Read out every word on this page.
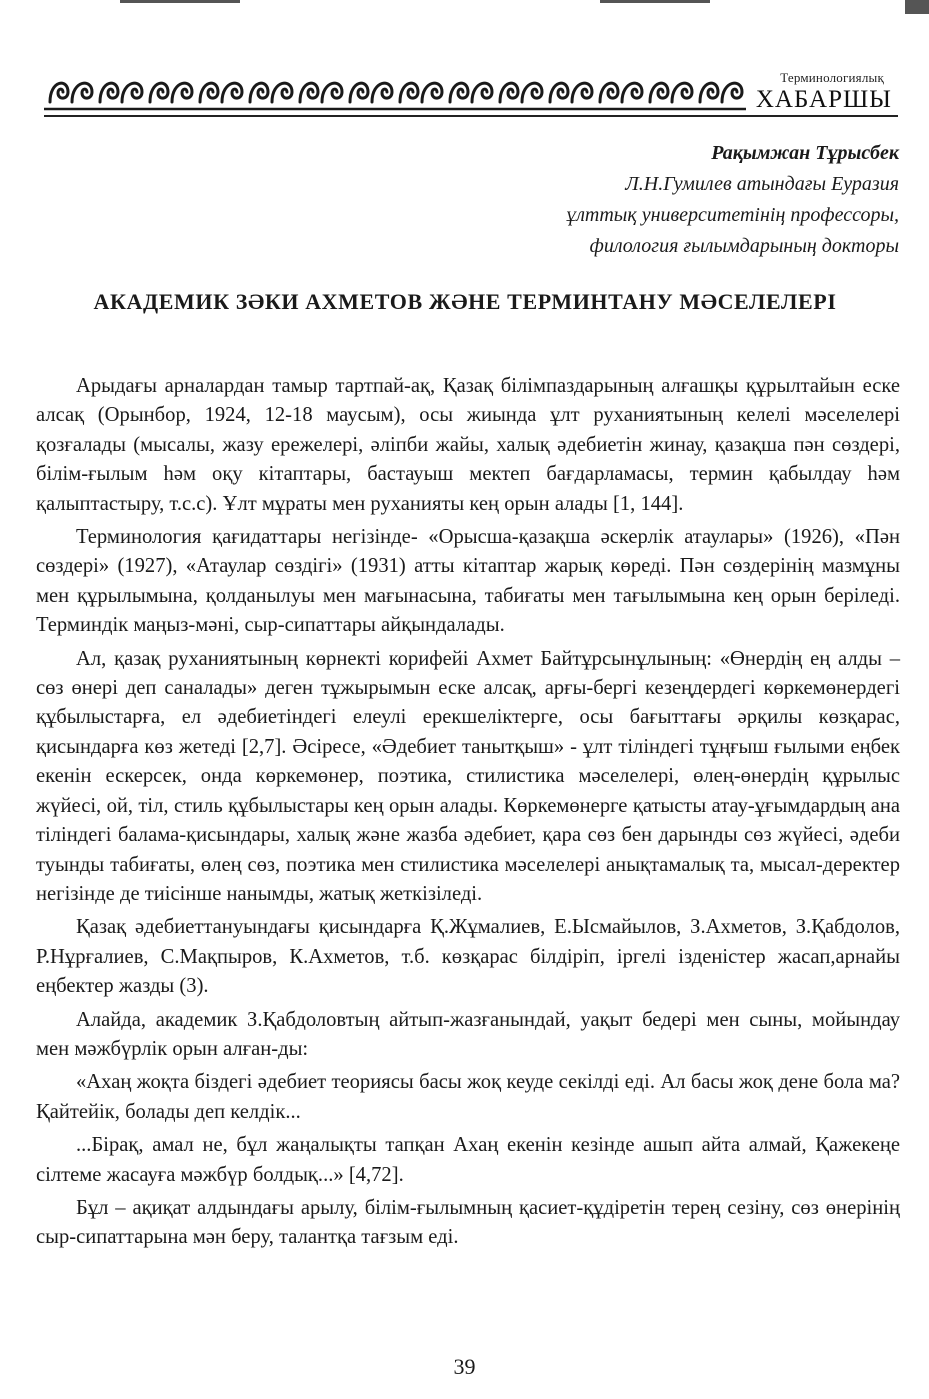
Терминологиялық
ХАБАРШЫ
Рақымжан Тұрысбек
Л.Н.Гумилев атындағы Еуразия
ұлттық университетінің профессоры,
филология ғылымдарының докторы
АКАДЕМИК ЗӘКИ АХМЕТОВ ЖӘНЕ ТЕРМИНТАНУ МӘСЕЛЕЛЕРІ

Арыдағы арналардан тамыр тартпай-ақ, Қазақ білімпаздарының алғашқы құрылтайын еске алсақ (Орынбор, 1924, 12-18 маусым), осы жиында ұлт руханиятының келелі мәселелері қозғалады (мысалы, жазу ережелері, әліпби жайы, халық әдебиетін жинау, қазақша пән сөздері, білім-ғылым һәм оқу кітаптары, бастауыш мектеп бағдарламасы, термин қабылдау һәм қалыптастыру, т.с.с). Ұлт мұраты мен руханияты кең орын алады [1, 144].

Терминология қағидаттары негізінде- «Орысша-қазақша әскерлік атаулары» (1926), «Пән сөздері» (1927), «Атаулар сөздігі» (1931) атты кітаптар жарық көреді. Пән сөздерінің мазмұны мен құрылымына, қолданылуы мен мағынасына, табиғаты мен тағылымына кең орын беріледі. Терминдік маңыз-мәні, сыр-сипаттары айқындалады.

Ал, қазақ руханиятының көрнекті корифейі Ахмет Байтұрсынұлының: «Өнердің ең алды – сөз өнері деп саналады» деген тұжырымын еске алсақ, арғы-бергі кезеңдердегі көркемөнердегі құбылыстарға, ел әдебиетіндегі елеулі ерекшеліктерге, осы бағыттағы әрқилы көзқарас, қисындарға көз жетеді [2,7]. Әсіресе, «Әдебиет танытқыш» - ұлт тіліндегі тұңғыш ғылыми еңбек екенін ескерсек, онда көркемөнер, поэтика, стилистика мәселелері, өлең-өнердің құрылыс жүйесі, ой, тіл, стиль құбылыстары кең орын алады. Көркемөнерге қатысты атау-ұғымдардың ана тіліндегі балама-қисындары, халық және жазба әдебиет, қара сөз бен дарынды сөз жүйесі, әдеби туынды табиғаты, өлең сөз, поэтика мен стилистика мәселелері анықтамалық та, мысал-деректер негізінде де тиісінше нанымды, жатық жеткізіледі.

Қазақ әдебиеттануындағы қисындарға Қ.Жұмалиев, Е.Ысмайылов, З.Ахметов, З.Қабдолов, Р.Нұрғалиев, С.Мақпыров, К.Ахметов, т.б. көзқарас білдіріп, іргелі ізденістер жасап,арнайы еңбектер жазды (3).

Алайда, академик З.Қабдоловтың айтып-жазғанындай, уақыт бедері мен сыны, мойындау мен мәжбүрлік орын алған-ды:

«Ахаң жоқта біздегі әдебиет теориясы басы жоқ кеуде секілді еді. Ал басы жоқ дене бола ма? Қайтейік, болады деп келдік...

...Бірақ, амал не, бұл жаңалықты тапқан Ахаң екенін кезінде ашып айта алмай, Қажекеңе сілтеме жасауға мәжбүр болдық...» [4,72].

Бұл – ақиқат алдындағы арылу, білім-ғылымның қасиет-құдіретін терең сезіну, сөз өнерінің сыр-сипаттарына мән беру, талантқа тағзым еді.

39
